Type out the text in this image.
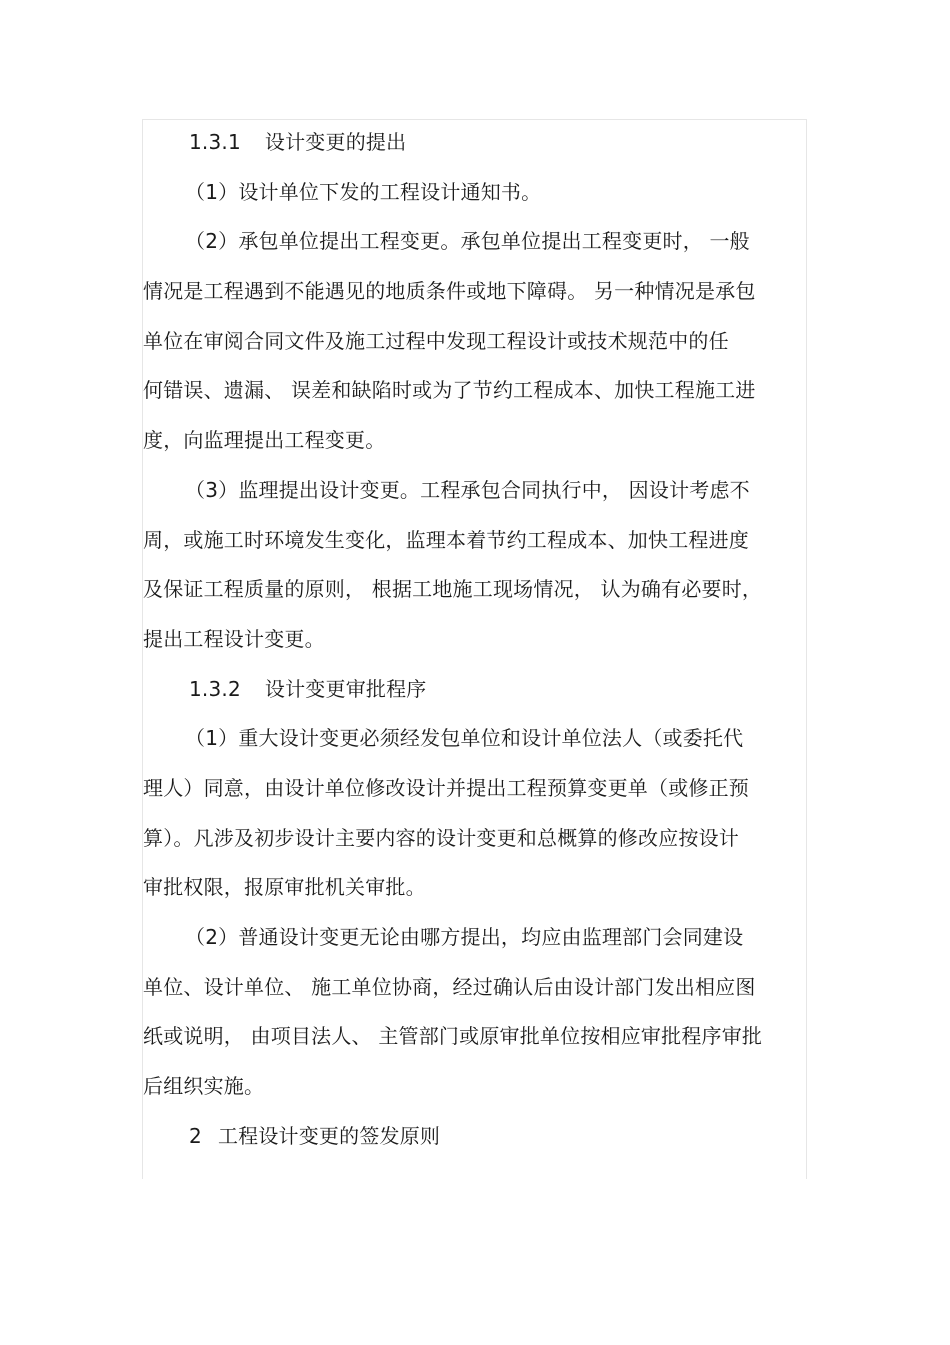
1.3.1 设计变更的提出
（1）设计单位下发的工程设计通知书。
（2）承包单位提出工程变更。承包单位提出工程变更时， 一般
情况是工程遇到不能遇见的地质条件或地下障碍。 另一种情况是承包
单位在审阅合同文件及施工过程中发现工程设计或技术规范中的任
何错误、遗漏、 误差和缺陷时或为了节约工程成本、加快工程施工进
度，向监理提出工程变更。
（3）监理提出设计变更。工程承包合同执行中， 因设计考虑不
周，或施工时环境发生变化，监理本着节约工程成本、加快工程进度
及保证工程质量的原则， 根据工地施工现场情况， 认为确有必要时，
提出工程设计变更。
1.3.2 设计变更审批程序
（1）重大设计变更必须经发包单位和设计单位法人（或委托代
理人）同意，由设计单位修改设计并提出工程预算变更单（或修正预
算）。凡涉及初步设计主要内容的设计变更和总概算的修改应按设计
审批权限，报原审批机关审批。
（2）普通设计变更无论由哪方提出，均应由监理部门会同建设
单位、设计单位、 施工单位协商，经过确认后由设计部门发出相应图
纸或说明， 由项目法人、 主管部门或原审批单位按相应审批程序审批
后组织实施。
2 工程设计变更的签发原则
